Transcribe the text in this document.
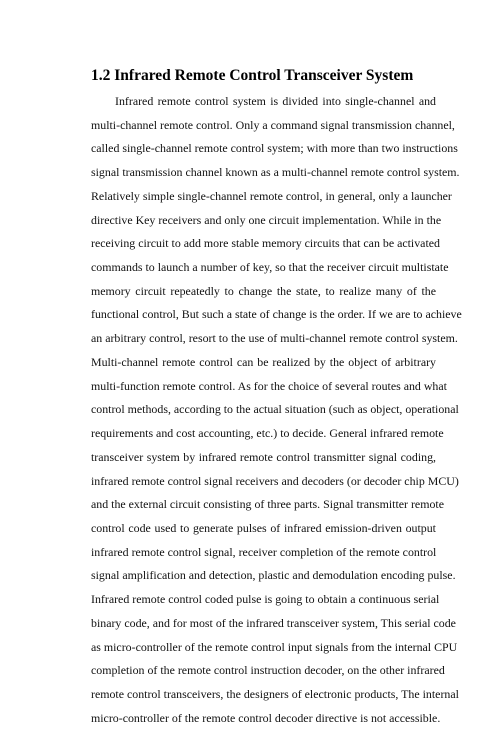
1.2 Infrared Remote Control Transceiver System
Infrared remote control system is divided into single-channel and
multi-channel remote control. Only a command signal transmission channel,
called single-channel remote control system; with more than two instructions
signal transmission channel known as a multi-channel remote control system.
Relatively simple single-channel remote control, in general, only a launcher
directive Key receivers and only one circuit implementation. While in the
receiving circuit to add more stable memory circuits that can be activated
commands to launch a number of key, so that the receiver circuit multistate
memory circuit repeatedly to change the state, to realize many of the
functional control, But such a state of change is the order. If we are to achieve
an arbitrary control, resort to the use of multi-channel remote control system.
Multi-channel remote control can be realized by the object of arbitrary
multi-function remote control. As for the choice of several routes and what
control methods, according to the actual situation (such as object, operational
requirements and cost accounting, etc.) to decide. General infrared remote
transceiver system by infrared remote control transmitter signal coding,
infrared remote control signal receivers and decoders (or decoder chip MCU)
and the external circuit consisting of three parts. Signal transmitter remote
control code used to generate pulses of infrared emission-driven output
infrared remote control signal, receiver completion of the remote control
signal amplification and detection, plastic and demodulation encoding pulse.
Infrared remote control coded pulse is going to obtain a continuous serial
binary code, and for most of the infrared transceiver system, This serial code
as micro-controller of the remote control input signals from the internal CPU
completion of the remote control instruction decoder, on the other infrared
remote control transceivers, the designers of electronic products, The internal
micro-controller of the remote control decoder directive is not accessible.
